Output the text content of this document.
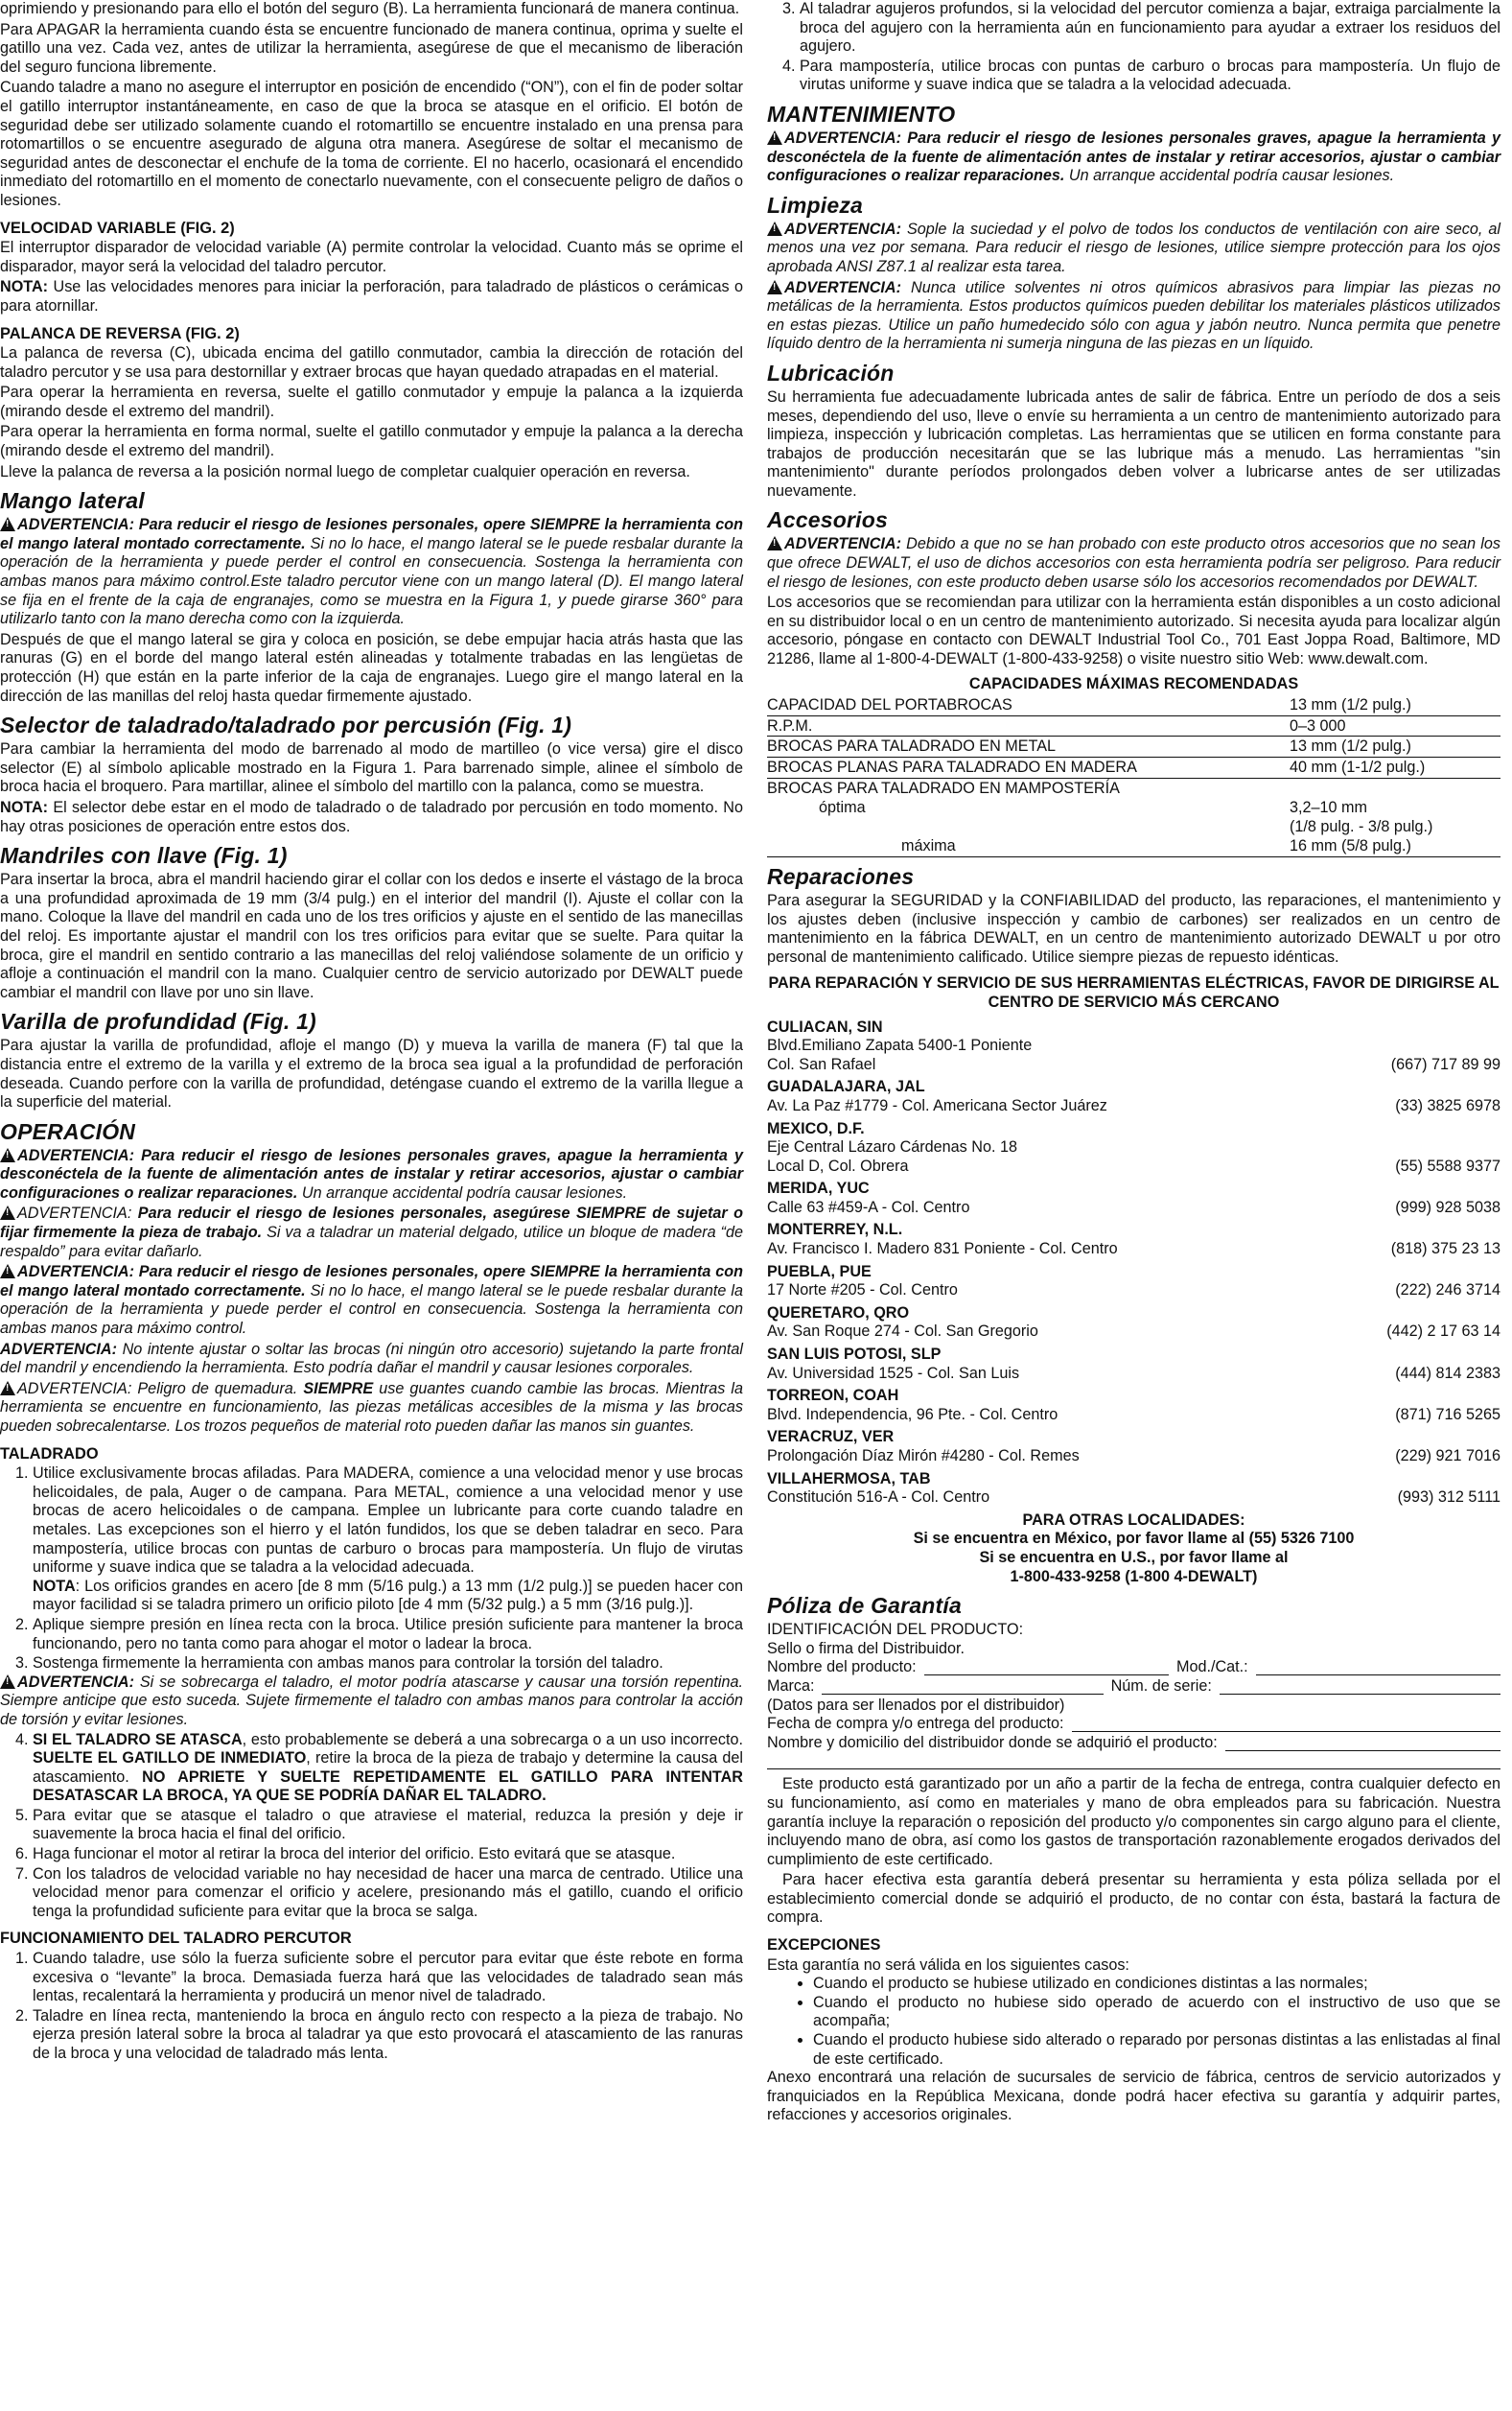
oprimiendo y presionando para ello el botón del seguro (B). La herramienta funcionará de manera continua.

Para APAGAR la herramienta cuando ésta se encuentre funcionado de manera continua, oprima y suelte el gatillo una vez. Cada vez, antes de utilizar la herramienta, asegúrese de que el mecanismo de liberación del seguro funciona libremente.

Cuando taladre a mano no asegure el interruptor en posición de encendido (“ON”), con el fin de poder soltar el gatillo interruptor instantáneamente, en caso de que la broca se atasque en el orificio. El botón de seguridad debe ser utilizado solamente cuando el rotomartillo se encuentre instalado en una prensa para rotomartillos o se encuentre asegurado de alguna otra manera. Asegúrese de soltar el mecanismo de seguridad antes de desconectar el enchufe de la toma de corriente. El no hacerlo, ocasionará el encendido inmediato del rotomartillo en el momento de conectarlo nuevamente, con el consecuente peligro de daños o lesiones.

VELOCIDAD VARIABLE (FIG. 2)

El interruptor disparador de velocidad variable (A) permite controlar la velocidad. Cuanto más se oprime el disparador, mayor será la velocidad del taladro percutor.

NOTA: Use las velocidades menores para iniciar la perforación, para taladrado de plásticos o cerámicas o para atornillar.

PALANCA DE REVERSA (FIG. 2)

La palanca de reversa (C), ubicada encima del gatillo conmutador, cambia la dirección de rotación del taladro percutor y se usa para destornillar y extraer brocas que hayan quedado atrapadas en el material.

Para operar la herramienta en reversa, suelte el gatillo conmutador y empuje la palanca a la izquierda (mirando desde el extremo del mandril).

Para operar la herramienta en forma normal, suelte el gatillo conmutador y empuje la palanca a la derecha (mirando desde el extremo del mandril).

Lleve la palanca de reversa a la posición normal luego de completar cualquier operación en reversa.

Mango lateral

!ADVERTENCIA: Para reducir el riesgo de lesiones personales, opere SIEMPRE la herramienta con el mango lateral montado correctamente. Si no lo hace, el mango lateral se le puede resbalar durante la operación de la herramienta y puede perder el control en consecuencia. Sostenga la herramienta con ambas manos para máximo control.Este taladro percutor viene con un mango lateral (D). El mango lateral se fija en el frente de la caja de engranajes, como se muestra en la Figura 1, y puede girarse 360° para utilizarlo tanto con la mano derecha como con la izquierda.

Después de que el mango lateral se gira y coloca en posición, se debe empujar hacia atrás hasta que las ranuras (G) en el borde del mango lateral estén alineadas y totalmente trabadas en las lengüetas de protección (H) que están en la parte inferior de la caja de engranajes. Luego gire el mango lateral en la dirección de las manillas del reloj hasta quedar firmemente ajustado.

Selector de taladrado/taladrado por percusión (Fig. 1)

Para cambiar la herramienta del modo de barrenado al modo de martilleo (o vice versa) gire el disco selector (E) al símbolo aplicable mostrado en la Figura 1. Para barrenado simple, alinee el símbolo de broca hacia el broquero. Para martillar, alinee el símbolo del martillo con la palanca, como se muestra.

NOTA: El selector debe estar en el modo de taladrado o de taladrado por percusión en todo momento. No hay otras posiciones de operación entre estos dos.

Mandriles con llave (Fig. 1)

Para insertar la broca, abra el mandril haciendo girar el collar con los dedos e inserte el vástago de la broca a una profundidad aproximada de 19 mm (3/4 pulg.) en el interior del mandril (I). Ajuste el collar con la mano. Coloque la llave del mandril en cada uno de los tres orificios y ajuste en el sentido de las manecillas del reloj. Es importante ajustar el mandril con los tres orificios para evitar que se suelte. Para quitar la broca, gire el mandril en sentido contrario a las manecillas del reloj valiéndose solamente de un orificio y afloje a continuación el mandril con la mano. Cualquier centro de servicio autorizado por DEWALT puede cambiar el mandril con llave por uno sin llave.

Varilla de profundidad (Fig. 1)

Para ajustar la varilla de profundidad, afloje el mango (D) y mueva la varilla de manera (F) tal que la distancia entre el extremo de la varilla y el extremo de la broca sea igual a la profundidad de perforación deseada. Cuando perfore con la varilla de profundidad, deténgase cuando el extremo de la varilla llegue a la superficie del material.

OPERACIÓN

!ADVERTENCIA: Para reducir el riesgo de lesiones personales graves, apague la herramienta y desconéctela de la fuente de alimentación antes de instalar y retirar accesorios, ajustar o cambiar configuraciones o realizar reparaciones. Un arranque accidental podría causar lesiones.

!ADVERTENCIA: Para reducir el riesgo de lesiones personales, asegúrese SIEMPRE de sujetar o fijar firmemente la pieza de trabajo. Si va a taladrar un material delgado, utilice un bloque de madera “de respaldo” para evitar dañarlo.

!ADVERTENCIA: Para reducir el riesgo de lesiones personales, opere SIEMPRE la herramienta con el mango lateral montado correctamente. Si no lo hace, el mango lateral se le puede resbalar durante la operación de la herramienta y puede perder el control en consecuencia. Sostenga la herramienta con ambas manos para máximo control.

ADVERTENCIA: No intente ajustar o soltar las brocas (ni ningún otro accesorio) sujetando la parte frontal del mandril y encendiendo la herramienta. Esto podría dañar el mandril y causar lesiones corporales.

!ADVERTENCIA: Peligro de quemadura. SIEMPRE use guantes cuando cambie las brocas. Mientras la herramienta se encuentre en funcionamiento, las piezas metálicas accesibles de la misma y las brocas pueden sobrecalentarse. Los trozos pequeños de material roto pueden dañar las manos sin guantes.

TALADRADO
1. Utilice exclusivamente brocas afiladas. Para MADERA, comience a una velocidad menor y use brocas helicoidales, de pala, Auger o de campana. Para METAL, comience a una velocidad menor y use brocas de acero helicoidales o de campana. Emplee un lubricante para corte cuando taladre en metales. Las excepciones son el hierro y el latón fundidos, los que se deben taladrar en seco. Para mampostería, utilice brocas con puntas de carburo o brocas para mampostería. Un flujo de virutas uniforme y suave indica que se taladra a la velocidad adecuada.
NOTA: Los orificios grandes en acero [de 8 mm (5/16 pulg.) a 13 mm (1/2 pulg.)] se pueden hacer con mayor facilidad si se taladra primero un orificio piloto [de 4 mm (5/32 pulg.) a 5 mm (3/16 pulg.)].
2. Aplique siempre presión en línea recta con la broca. Utilice presión suficiente para mantener la broca funcionando, pero no tanta como para ahogar el motor o ladear la broca.
3. Sostenga firmemente la herramienta con ambas manos para controlar la torsión del taladro.
!ADVERTENCIA: Si se sobrecarga el taladro, el motor podría atascarse y causar una torsión repentina. Siempre anticipe que esto suceda. Sujete firmemente el taladro con ambas manos para controlar la acción de torsión y evitar lesiones.
4. SI EL TALADRO SE ATASCA, esto probablemente se deberá a una sobrecarga o a un uso incorrecto. SUELTE EL GATILLO DE INMEDIATO, retire la broca de la pieza de trabajo y determine la causa del atascamiento. NO APRIETE Y SUELTE REPETIDAMENTE EL GATILLO PARA INTENTAR DESATASCAR LA BROCA, YA QUE SE PODRÍA DAÑAR EL TALADRO.
5. Para evitar que se atasque el taladro o que atraviese el material, reduzca la presión y deje ir suavemente la broca hacia el final del orificio.
6. Haga funcionar el motor al retirar la broca del interior del orificio. Esto evitará que se atasque.
7. Con los taladros de velocidad variable no hay necesidad de hacer una marca de centrado. Utilice una velocidad menor para comenzar el orificio y acelere, presionando más el gatillo, cuando el orificio tenga la profundidad suficiente para evitar que la broca se salga.
FUNCIONAMIENTO DEL TALADRO PERCUTOR
1. Cuando taladre, use sólo la fuerza suficiente sobre el percutor para evitar que éste rebote en forma excesiva o “levante” la broca. Demasiada fuerza hará que las velocidades de taladrado sean más lentas, recalentará la herramienta y producirá un menor nivel de taladrado.
2. Taladre en línea recta, manteniendo la broca en ángulo recto con respecto a la pieza de trabajo. No ejerza presión lateral sobre la broca al taladrar ya que esto provocará el atascamiento de las ranuras de la broca y una velocidad de taladrado más lenta.
3. Al taladrar agujeros profundos, si la velocidad del percutor comienza a bajar, extraiga parcialmente la broca del agujero con la herramienta aún en funcionamiento para ayudar a extraer los residuos del agujero.
4. Para mampostería, utilice brocas con puntas de carburo o brocas para mampostería. Un flujo de virutas uniforme y suave indica que se taladra a la velocidad adecuada.
MANTENIMIENTO

!ADVERTENCIA: Para reducir el riesgo de lesiones personales graves, apague la herramienta y desconéctela de la fuente de alimentación antes de instalar y retirar accesorios, ajustar o cambiar configuraciones o realizar reparaciones. Un arranque accidental podría causar lesiones.

Limpieza

!ADVERTENCIA: Sople la suciedad y el polvo de todos los conductos de ventilación con aire seco, al menos una vez por semana. Para reducir el riesgo de lesiones, utilice siempre protección para los ojos aprobada ANSI Z87.1 al realizar esta tarea.

!ADVERTENCIA: Nunca utilice solventes ni otros químicos abrasivos para limpiar las piezas no metálicas de la herramienta. Estos productos químicos pueden debilitar los materiales plásticos utilizados en estas piezas. Utilice un paño humedecido sólo con agua y jabón neutro. Nunca permita que penetre líquido dentro de la herramienta ni sumerja ninguna de las piezas en un líquido.

Lubricación

Su herramienta fue adecuadamente lubricada antes de salir de fábrica. Entre un período de dos a seis meses, dependiendo del uso, lleve o envíe su herramienta a un centro de mantenimiento autorizado para limpieza, inspección y lubricación completas. Las herramientas que se utilicen en forma constante para trabajos de producción necesitarán que se las lubrique más a menudo. Las herramientas "sin mantenimiento" durante períodos prolongados deben volver a lubricarse antes de ser utilizadas nuevamente.

Accesorios

!ADVERTENCIA: Debido a que no se han probado con este producto otros accesorios que no sean los que ofrece DEWALT, el uso de dichos accesorios con esta herramienta podría ser peligroso. Para reducir el riesgo de lesiones, con este producto deben usarse sólo los accesorios recomendados por DEWALT.

Los accesorios que se recomiendan para utilizar con la herramienta están disponibles a un costo adicional en su distribuidor local o en un centro de mantenimiento autorizado. Si necesita ayuda para localizar algún accesorio, póngase en contacto con DEWALT Industrial Tool Co., 701 East Joppa Road, Baltimore, MD 21286, llame al 1-800-4-DEWALT (1-800-433-9258) o visite nuestro sitio Web: www.dewalt.com.

CAPACIDADES MÁXIMAS RECOMENDADAS
CAPACIDAD DEL PORTABROCAS	13 mm (1/2 pulg.)
R.P.M.	0–3 000
BROCAS PARA TALADRADO EN METAL	13 mm (1/2 pulg.)
BROCAS PLANAS PARA TALADRADO EN MADERA	40 mm (1-1/2 pulg.)
BROCAS PARA TALADRADO EN MAMPOSTERÍA	
óptima	3,2–10 mm
(1/8 pulg. - 3/8 pulg.)
máxima	16 mm (5/8 pulg.)
Reparaciones

Para asegurar la SEGURIDAD y la CONFIABILIDAD del producto, las reparaciones, el mantenimiento y los ajustes deben (inclusive inspección y cambio de carbones) ser realizados en un centro de mantenimiento en la fábrica DEWALT, en un centro de mantenimiento autorizado DEWALT u por otro personal de mantenimiento calificado. Utilice siempre piezas de repuesto idénticas.

PARA REPARACIÓN Y SERVICIO DE SUS HERRAMIENTAS ELÉCTRICAS, FAVOR DE DIRIGIRSE AL CENTRO DE SERVICIO MÁS CERCANO
CULIACAN, SIN
Blvd.Emiliano Zapata 5400-1 Poniente
Col. San Rafael	(667) 717 89 99
GUADALAJARA, JAL
Av. La Paz #1779 - Col. Americana Sector Juárez	(33) 3825 6978
MEXICO, D.F.
Eje Central Lázaro Cárdenas No. 18
Local D, Col. Obrera	(55) 5588 9377
MERIDA, YUC
Calle 63 #459-A - Col. Centro	(999) 928 5038
MONTERREY, N.L.
Av. Francisco I. Madero 831 Poniente - Col. Centro	(818) 375 23 13
PUEBLA, PUE
17 Norte #205 - Col. Centro	(222) 246 3714
QUERETARO, QRO
Av. San Roque 274 - Col. San Gregorio	(442) 2 17 63 14
SAN LUIS POTOSI, SLP
Av. Universidad 1525 - Col. San Luis	(444) 814 2383
TORREON, COAH
Blvd. Independencia, 96 Pte. - Col. Centro	(871) 716 5265
VERACRUZ, VER
Prolongación Díaz Mirón #4280 - Col. Remes	(229) 921 7016
VILLAHERMOSA, TAB
Constitución 516-A - Col. Centro	(993) 312 5111
PARA OTRAS LOCALIDADES:
Si se encuentra en México, por favor llame al (55) 5326 7100
Si se encuentra en U.S., por favor llame al
1-800-433-9258 (1-800 4-DEWALT)
Póliza de Garantía
IDENTIFICACIÓN DEL PRODUCTO:
Sello o firma del Distribuidor.
Nombre del producto:	Mod./Cat.:
Marca:	Núm. de serie:
(Datos para ser llenados por el distribuidor)
Fecha de compra y/o entrega del producto:
Nombre y domicilio del distribuidor donde se adquirió el producto:

Este producto está garantizado por un año a partir de la fecha de entrega, contra cualquier defecto en su funcionamiento, así como en materiales y mano de obra empleados para su fabricación. Nuestra garantía incluye la reparación o reposición del producto y/o componentes sin cargo alguno para el cliente, incluyendo mano de obra, así como los gastos de transportación razonablemente erogados derivados del cumplimiento de este certificado.

Para hacer efectiva esta garantía deberá presentar su herramienta y esta póliza sellada por el establecimiento comercial donde se adquirió el producto, de no contar con ésta, bastará la factura de compra.

EXCEPCIONES
Esta garantía no será válida en los siguientes casos:
• Cuando el producto se hubiese utilizado en condiciones distintas a las normales;
• Cuando el producto no hubiese sido operado de acuerdo con el instructivo de uso que se acompaña;
• Cuando el producto hubiese sido alterado o reparado por personas distintas a las enlistadas al final de este certificado.

Anexo encontrará una relación de sucursales de servicio de fábrica, centros de servicio autorizados y franquiciados en la República Mexicana, donde podrá hacer efectiva su garantía y adquirir partes, refacciones y accesorios originales.
